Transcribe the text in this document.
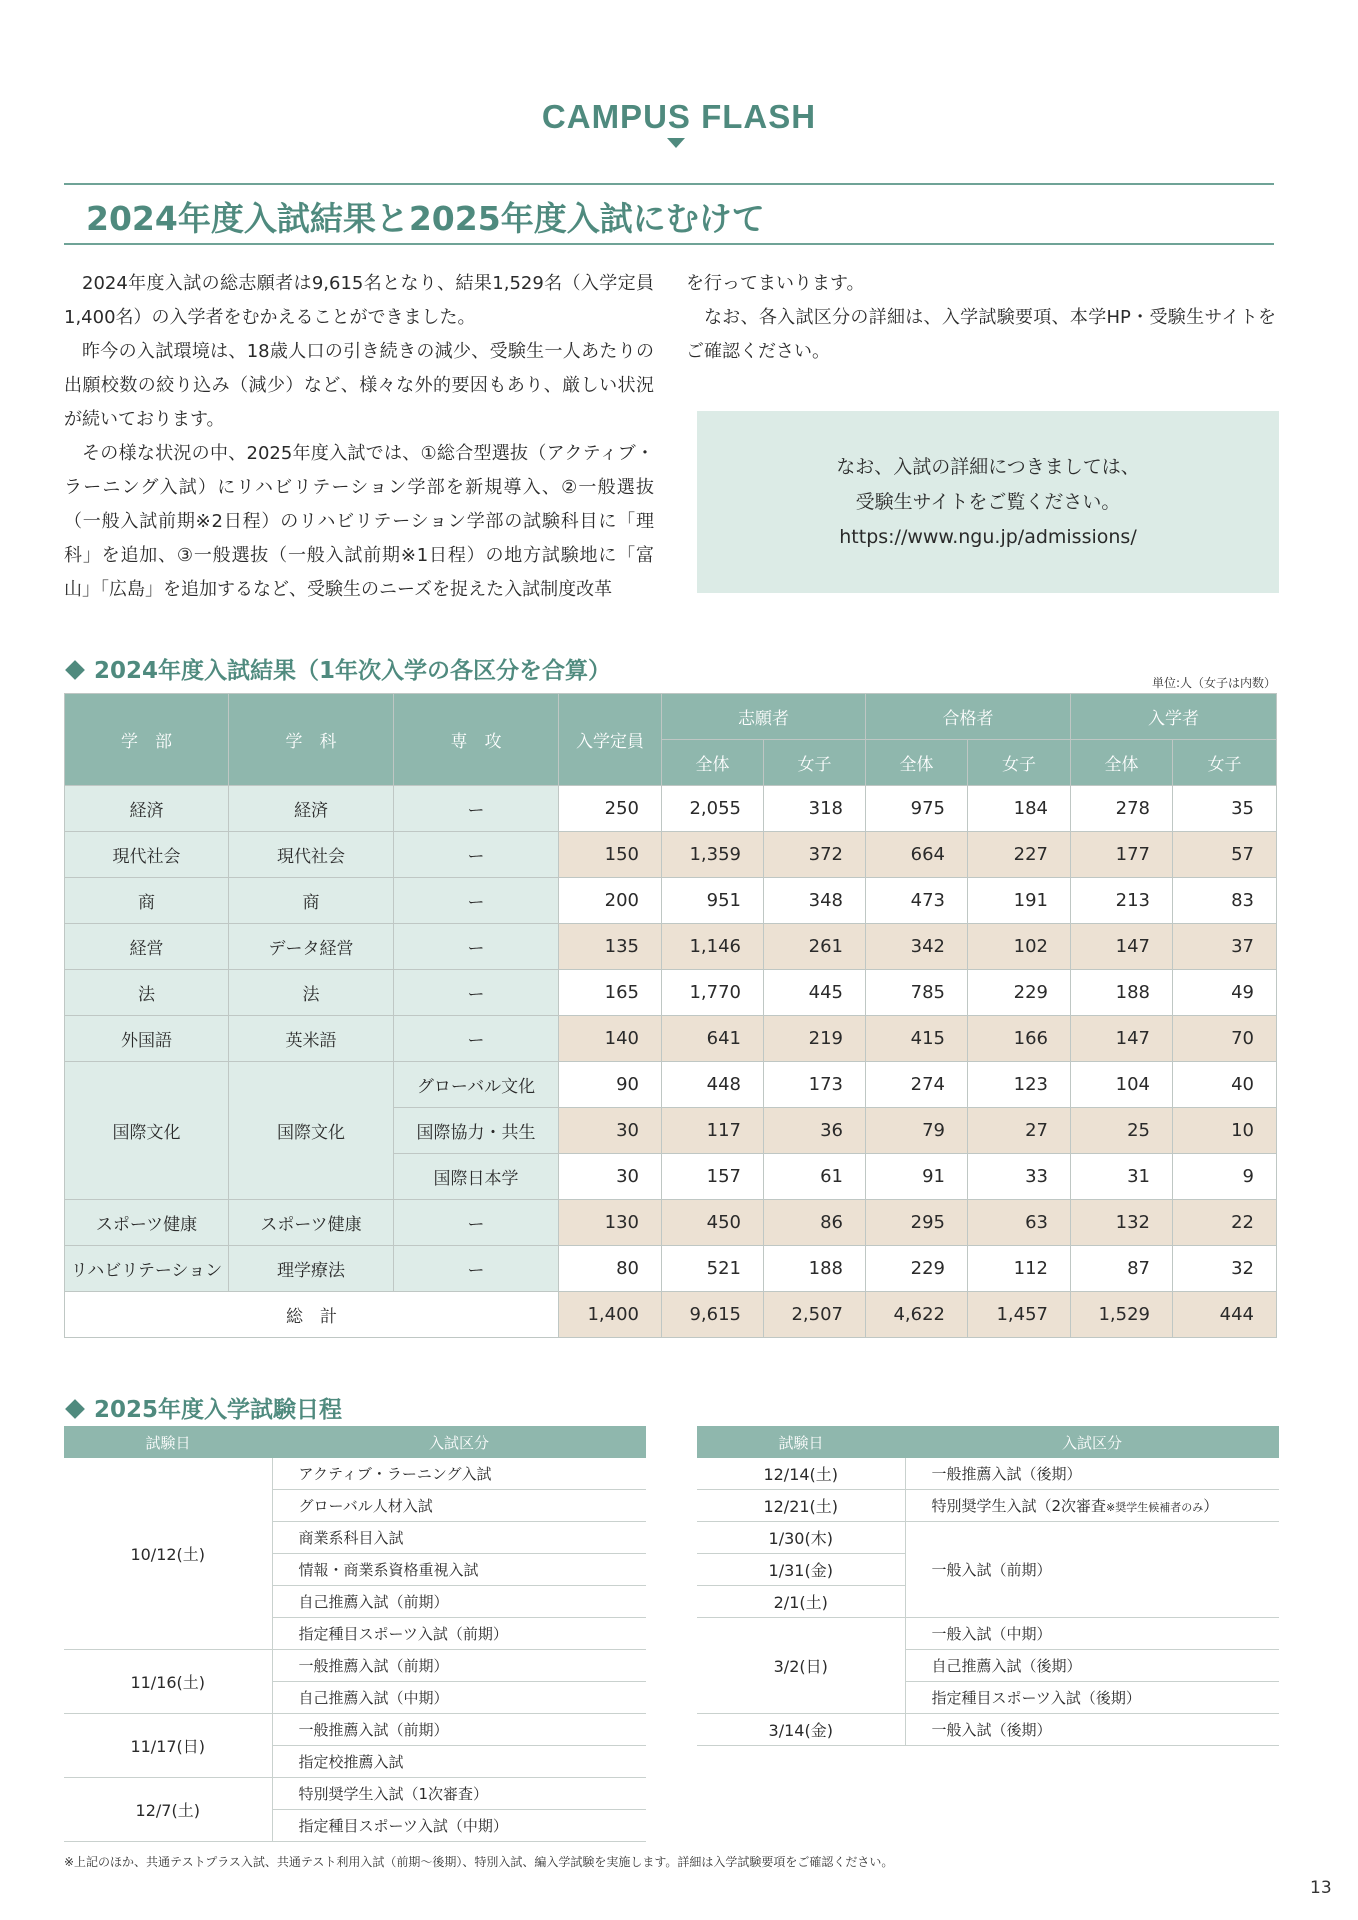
CAMPUS FLASH
2024年度入試結果と2025年度入試にむけて

2024年度入試の総志願者は9,615名となり、結果1,529名（入学定員1,400名）の入学者をむかえることができました。

昨今の入試環境は、18歳人口の引き続きの減少、受験生一人あたりの出願校数の絞り込み（減少）など、様々な外的要因もあり、厳しい状況が続いております。

その様な状況の中、2025年度入試では、①総合型選抜（アクティブ・ラーニング入試）にリハビリテーション学部を新規導入、②一般選抜（一般入試前期※2日程）のリハビリテーション学部の試験科目に「理科」を追加、③一般選抜（一般入試前期※1日程）の地方試験地に「富山」「広島」を追加するなど、受験生のニーズを捉えた入試制度改革

を行ってまいります。

なお、各入試区分の詳細は、入学試験要項、本学HP・受験生サイトをご確認ください。

なお、入試の詳細につきましては、
受験生サイトをご覧ください。
https://www.ngu.jp/admissions/
2024年度入試結果（1年次入学の各区分を合算）	単位:人（女子は内数）
学　部	学　科	専　攻	入学定員	志願者		合格者		入学者	
				全体	女子	全体	女子	全体	女子
経済	経済	ー	250	2,055	318	975	184	278	35
現代社会	現代社会	ー	150	1,359	372	664	227	177	57
商	商	ー	200	951	348	473	191	213	83
経営	データ経営	ー	135	1,146	261	342	102	147	37
法	法	ー	165	1,770	445	785	229	188	49
外国語	英米語	ー	140	641	219	415	166	147	70
国際文化	国際文化	グローバル文化	90	448	173	274	123	104	40
		国際協力・共生	30	117	36	79	27	25	10
		国際日本学	30	157	61	91	33	31	9
スポーツ健康	スポーツ健康	ー	130	450	86	295	63	132	22
リハビリテーション	理学療法	ー	80	521	188	229	112	87	32
総　計			1,400	9,615	2,507	4,622	1,457	1,529	444
2025年度入学試験日程
試験日	入試区分
10/12(土)	アクティブ・ラーニング入試
	グローバル人材入試
	商業系科目入試
	情報・商業系資格重視入試
	自己推薦入試（前期）
	指定種目スポーツ入試（前期）
11/16(土)	一般推薦入試（前期）
	自己推薦入試（中期）
11/17(日)	一般推薦入試（前期）
	指定校推薦入試
12/7(土)	特別奨学生入試（1次審査）
	指定種目スポーツ入試（中期）
試験日	入試区分
12/14(土)	一般推薦入試（後期）
12/21(土)	特別奨学生入試（2次審査※奨学生候補者のみ）
1/30(木)	一般入試（前期）
1/31(金)	
2/1(土)	
3/2(日)	一般入試（中期）
	自己推薦入試（後期）
	指定種目スポーツ入試（後期）
3/14(金)	一般入試（後期）
※上記のほか、共通テストプラス入試、共通テスト利用入試（前期〜後期）、特別入試、編入学試験を実施します。詳細は入学試験要項をご確認ください。
13
